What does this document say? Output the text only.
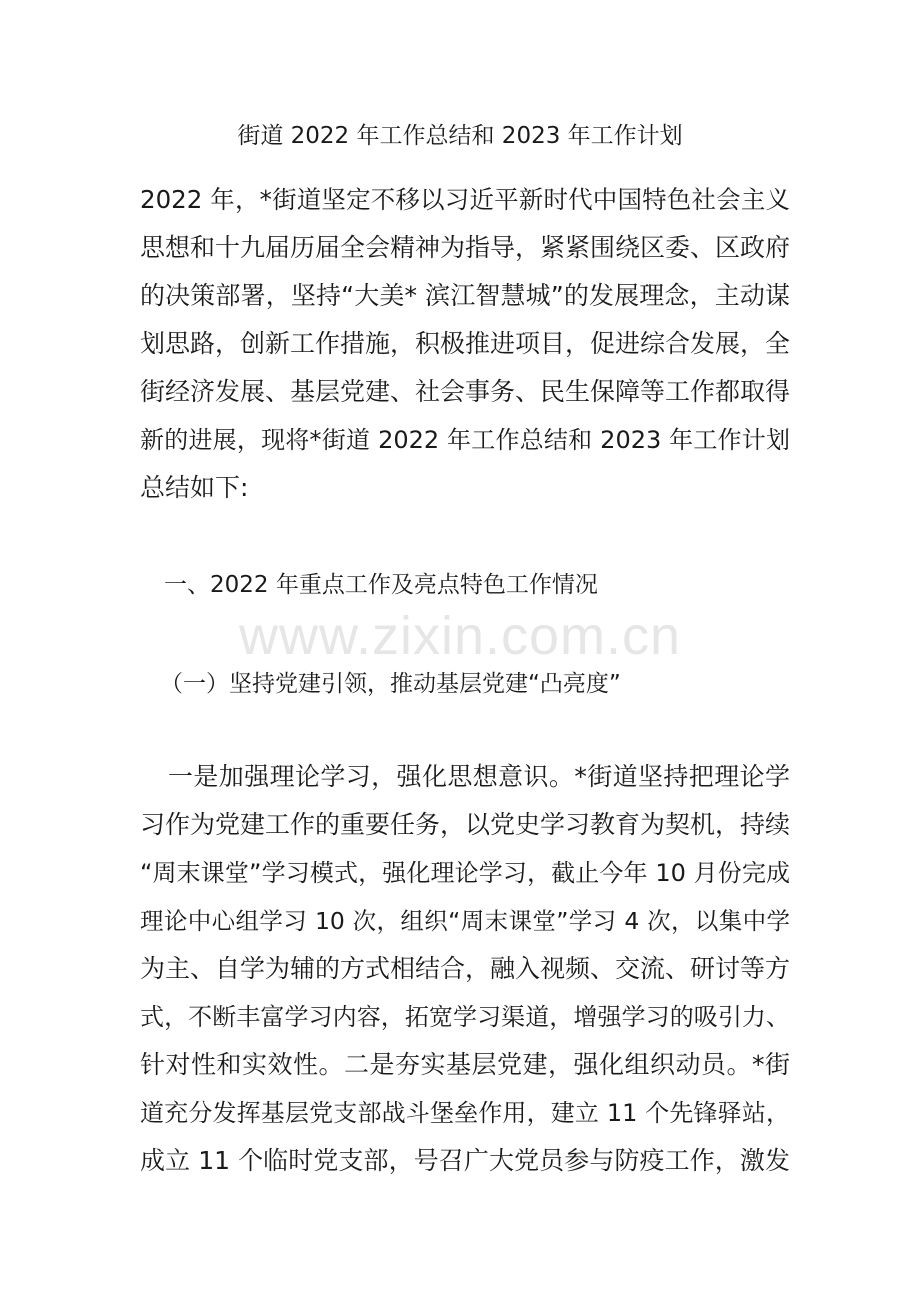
街道 2022 年工作总结和 2023 年工作计划
2022 年，*街道坚定不移以习近平新时代中国特色社会主义
思想和十九届历届全会精神为指导，紧紧围绕区委、区政府
的决策部署，坚持“大美* 滨江智慧城”的发展理念，主动谋
划思路，创新工作措施，积极推进项目，促进综合发展，全
街经济发展、基层党建、社会事务、民生保障等工作都取得
新的进展，现将*街道 2022 年工作总结和 2023 年工作计划
总结如下:
一、2022 年重点工作及亮点特色工作情况
www.zixin.com.cn
（一）坚持党建引领，推动基层党建“凸亮度”
一是加强理论学习，强化思想意识。*街道坚持把理论学
习作为党建工作的重要任务，以党史学习教育为契机，持续
“周末课堂”学习模式，强化理论学习，截止今年 10 月份完成
理论中心组学习 10 次，组织“周末课堂”学习 4 次，以集中学
为主、自学为辅的方式相结合，融入视频、交流、研讨等方
式，不断丰富学习内容，拓宽学习渠道，增强学习的吸引力、
针对性和实效性。二是夯实基层党建，强化组织动员。*街
道充分发挥基层党支部战斗堡垒作用，建立 11 个先锋驿站，
成立 11 个临时党支部，号召广大党员参与防疫工作，激发
